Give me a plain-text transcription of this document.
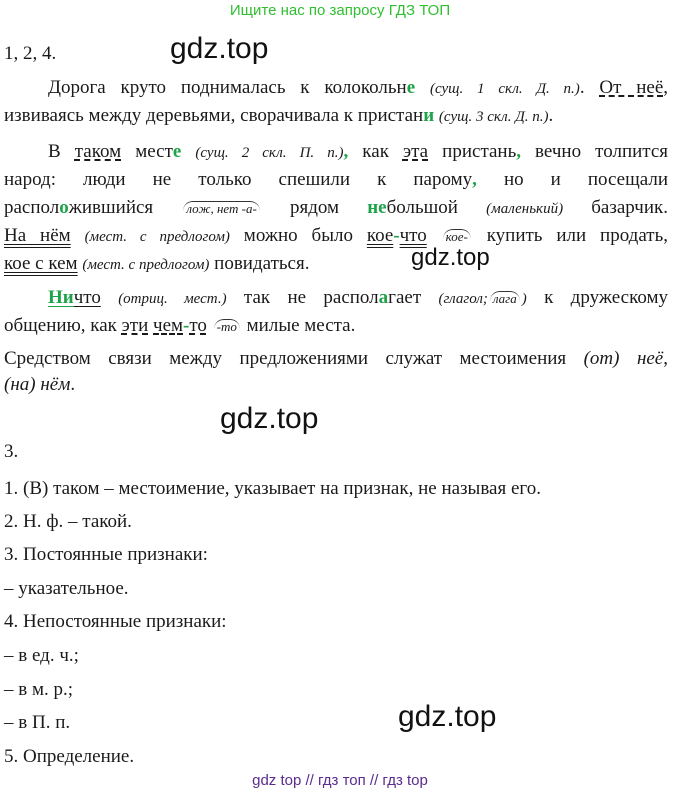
Ищите нас по запросу ГДЗ ТОП
gdz.top
gdz.top
gdz.top
gdz.top
1, 2, 4.
Дорога круто поднималась к колокольне (сущ. 1 скл. Д. п.). От неё,
извиваясь между деревьями, сворачивала к пристани (сущ. 3 скл. Д. п.).
В таком месте (сущ. 2 скл. П. п.), как эта пристань, вечно толпится
народ: люди не только спешили к парому, но и посещали
расположившийся	лож, нет -а- рядом небольшой (маленький) базарчик.
На нём (мест. с предлогом) можно было кое-что кое- купить или продать,
кое с кем (мест. с предлогом) повидаться.
Ничто (отриц. мест.) так не располагает (глагол; лага ) к дружескому
общению, как эти чем-то -то милые места.
Средством связи между предложениями служат местоимения (от) неё,
(на) нём.
3.
1. (В) таком – местоимение, указывает на признак, не называя его.
2. Н. ф. – такой.
3. Постоянные признаки:
– указательное.
4. Непостоянные признаки:
– в ед. ч.;
– в м. р.;
– в П. п.
5. Определение.
gdz top // гдз топ // гдз top
